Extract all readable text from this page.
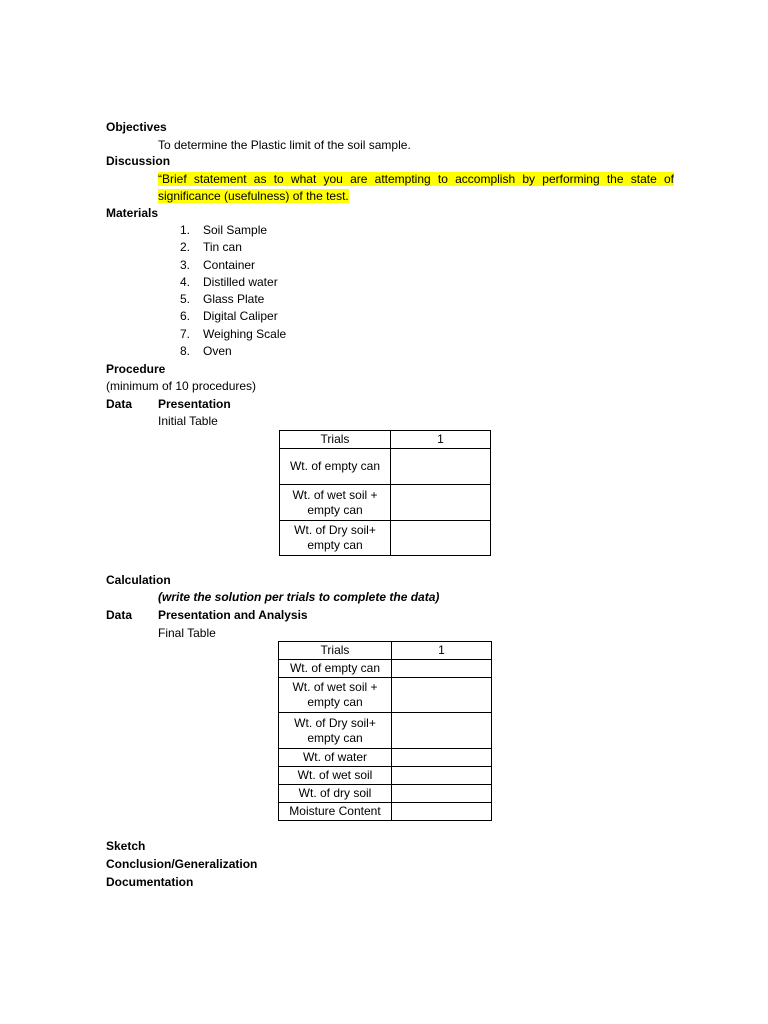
Objectives
To determine the Plastic limit of the soil sample.
Discussion
“Brief statement as to what you are attempting to accomplish by performing the state of significance (usefulness) of the test.
Materials
1. Soil Sample
2. Tin can
3. Container
4. Distilled water
5. Glass Plate
6. Digital Caliper
7. Weighing Scale
8. Oven
Procedure
(minimum of 10 procedures)
Data Presentation
Initial Table
Trials	1
Wt. of empty can	
Wt. of wet soil + empty can	
Wt. of Dry soil+ empty can	
Calculation
(write the solution per trials to complete the data)
Data Presentation and Analysis
Final Table
Trials	1
Wt. of empty can	
Wt. of wet soil + empty can	
Wt. of Dry soil+ empty can	
Wt. of water	
Wt. of wet soil	
Wt. of dry soil	
Moisture Content	
Sketch
Conclusion/Generalization
Documentation
